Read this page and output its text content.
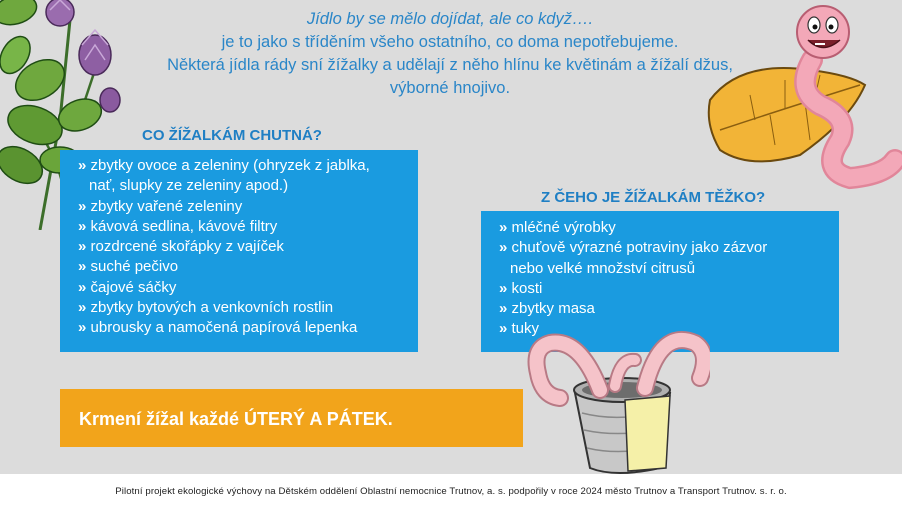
Jídlo by se mělo dojídat, ale co když….
je to jako s tříděním všeho ostatního, co doma nepotřebujeme.
Některá jídla rády sní žížalky a udělají z něho hlínu ke květinám a žížalí džus,
výborné hnojivo.
CO ŽÍŽALKÁM CHUTNÁ?
» zbytky ovoce a zeleniny (ohryzek z jablka,
nať, slupky ze zeleniny apod.)
» zbytky vařené zeleniny
» kávová sedlina, kávové filtry
» rozdrcené skořápky z vajíček
» suché pečivo
» čajové sáčky
» zbytky bytových a venkovních rostlin
» ubrousky a namočená papírová lepenka
Z ČEHO JE ŽÍŽALKÁM TĚŽKO?
» mléčné výrobky
» chuťově výrazné potraviny jako zázvor
nebo velké množství citrusů
» kosti
» zbytky masa
» tuky
Krmení žížal každé ÚTERÝ A PÁTEK.
Pilotní projekt ekologické výchovy na Dětském oddělení Oblastní nemocnice Trutnov, a. s. podpořily v roce 2024 město Trutnov a Transport Trutnov. s. r. o.
